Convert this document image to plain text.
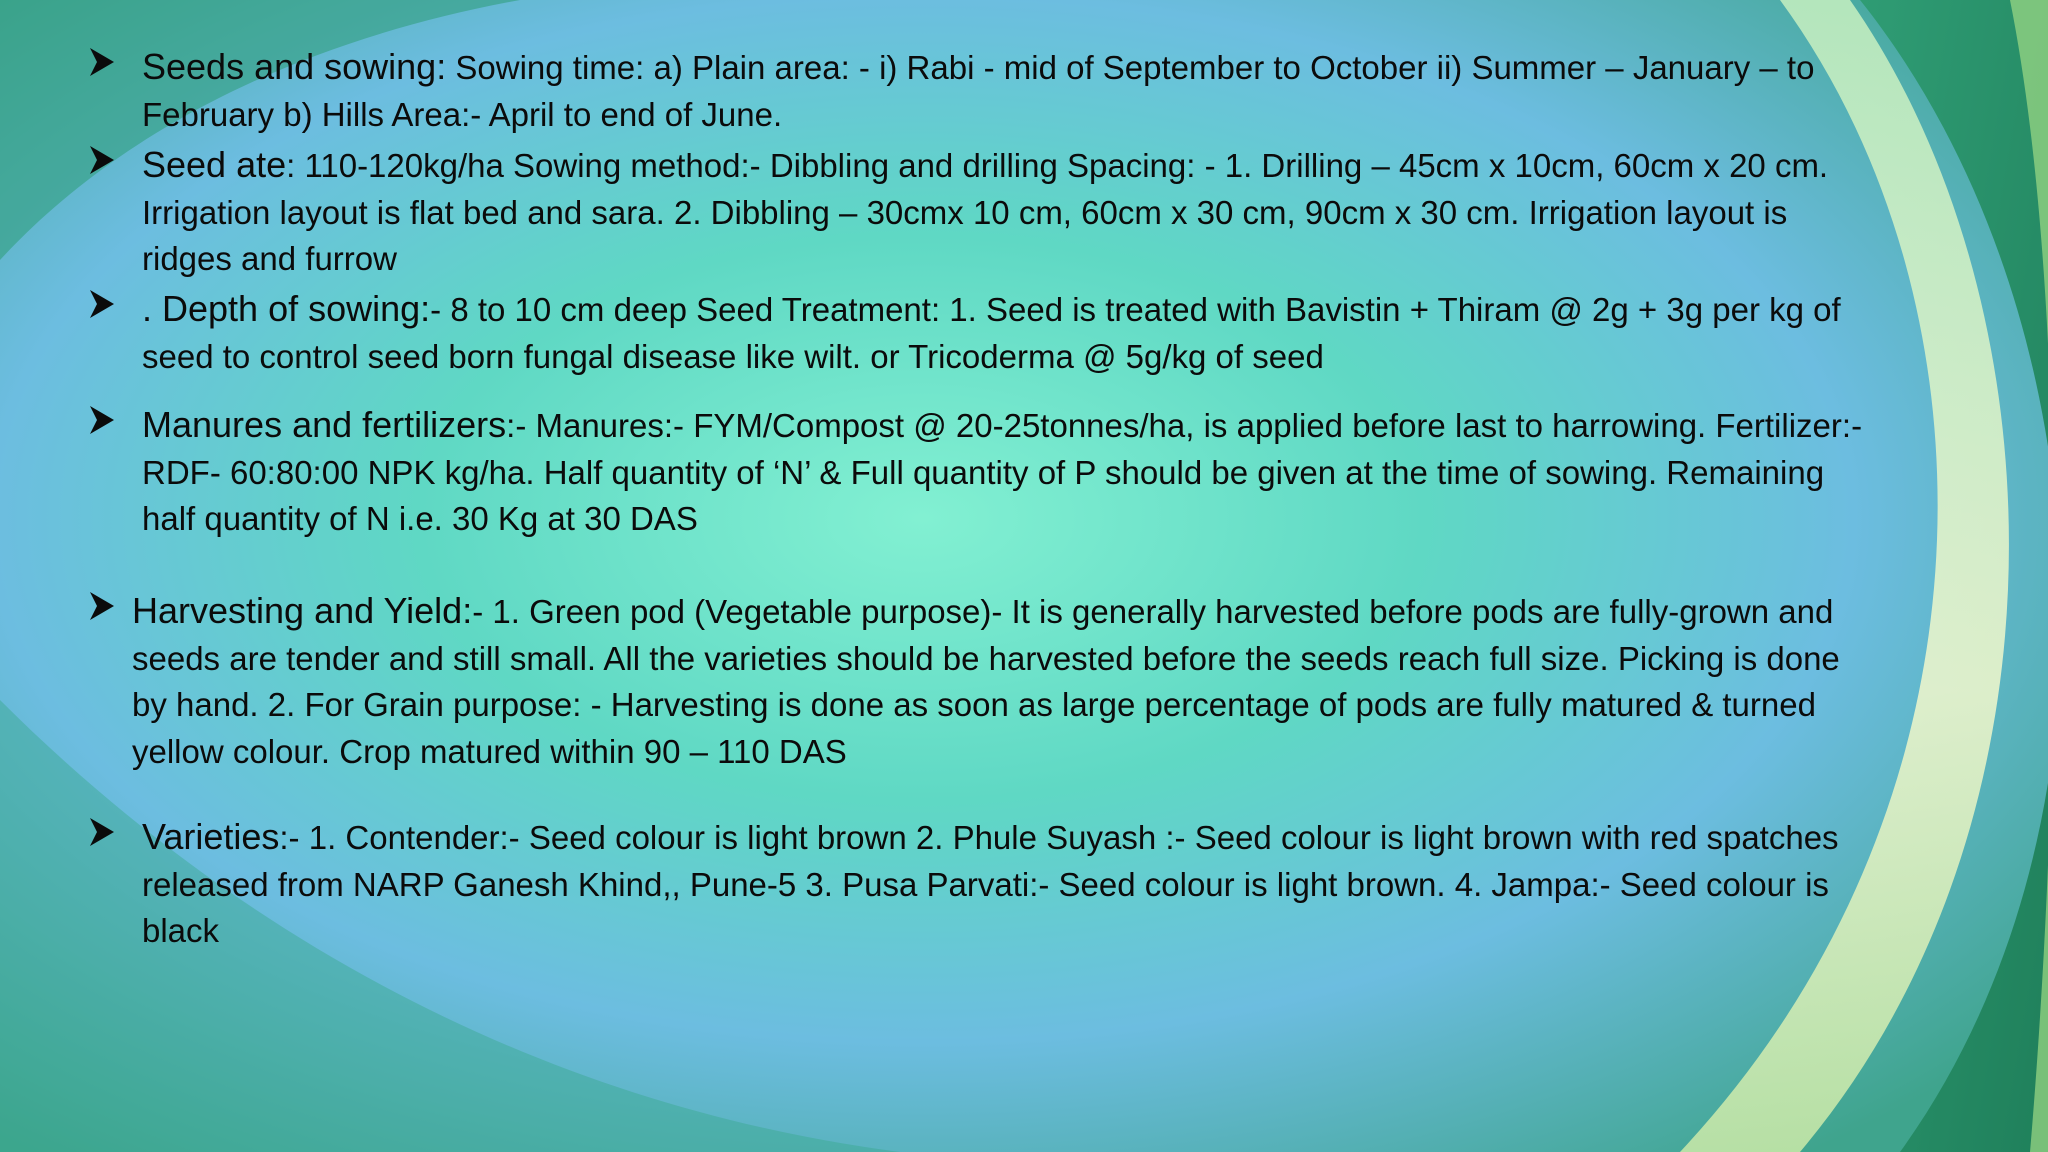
Seeds and sowing: Sowing time: a) Plain area: - i) Rabi - mid of September to October ii) Summer – January – to February b) Hills Area:- April to end of June.
Seed ate: 110-120kg/ha Sowing method:- Dibbling and drilling Spacing: - 1. Drilling – 45cm x 10cm, 60cm x 20 cm. Irrigation layout is flat bed and sara. 2. Dibbling – 30cmx 10 cm, 60cm x 30 cm, 90cm x 30 cm. Irrigation layout is ridges and furrow
. Depth of sowing:- 8 to 10 cm deep Seed Treatment: 1. Seed is treated with Bavistin + Thiram @ 2g + 3g per kg of seed to control seed born fungal disease like wilt. or Tricoderma @ 5g/kg of seed
Manures and fertilizers:- Manures:- FYM/Compost @ 20-25tonnes/ha, is applied before last to harrowing. Fertilizer:-RDF- 60:80:00 NPK kg/ha. Half quantity of ‘N’ & Full quantity of P should be given at the time of sowing. Remaining half quantity of N i.e. 30 Kg at 30 DAS
Harvesting and Yield:- 1. Green pod (Vegetable purpose)- It is generally harvested before pods are fully-grown and seeds are tender and still small. All the varieties should be harvested before the seeds reach full size. Picking is done by hand. 2. For Grain purpose: - Harvesting is done as soon as large percentage of pods are fully matured & turned yellow colour. Crop matured within 90 – 110 DAS
Varieties:- 1. Contender:- Seed colour is light brown 2. Phule Suyash :- Seed colour is light brown with red spatches released from NARP Ganesh Khind,, Pune-5 3. Pusa Parvati:- Seed colour is light brown. 4. Jampa:- Seed colour is black
